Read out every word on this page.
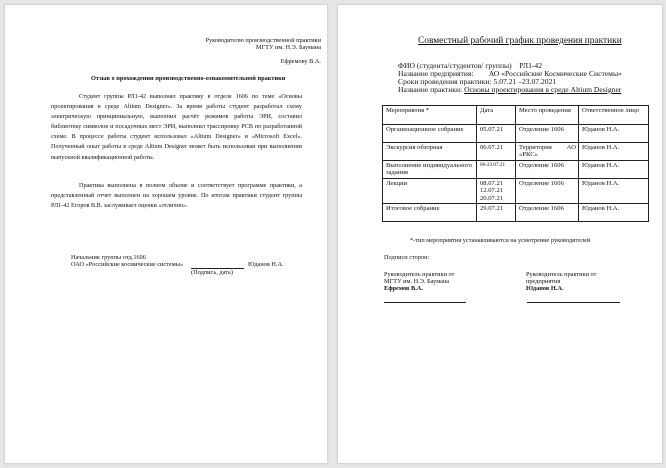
Руководителю производственной практики
МГТУ им. Н.Э. Баумана
Ефремову В.А.
Отзыв о прохождении производственно-ознакомительной практики
Студент группы РЛ1-42 выполнял практику в отделе 1606 по теме «Основы проектирования в среде Altium Designer». За время работы студент разработал схему электрическую принципиальную, выполнил расчёт режимов работы ЭРИ, составил библиотеку символов и посадочных мест ЭРИ, выполнил трассировку PCB по разработанной схеме. В процессе работы студент использовал «Altium Designer» и «Microsoft Excel». Полученный опыт работы в среде Altium Designer может быть использован при выполнении выпускной квалификационной работы.
Практика выполнена в полном объеме и соответствует программе практики, а представленный отчет выполнен на хорошем уровне. По итогам практики студент группы РЛ1-42 Егоров В.В. заслуживает оценки «отлично».
Начальник группы отд.1606
ОАО «Российские космические системы»	Юданов Н.А.
(Подпись, дата)
Совместный рабочий график проведения практики
ФИО (студента/студентов/ группы) РЛ1-42
Название предприятия: АО «Российские Космические Системы»
Сроки проведения практики: 5.07.21 –23.07.2021
Название практики: Основы проектирования в среде Altium Designer
Мероприятия *	Дата	Место проведения	Ответственное лицо
Организационное собрание	05.07.21	Отделение 1606	Юданов Н.А.
Экскурсия обзорная	06.07.21	Территория АО «РКС»	Юданов Н.А.
Выполнение индивидуального задания	06-23.07.21	Отделение 1606	Юданов Н.А.
Лекции	08.07.21 12.07.21 20.07.21	Отделение 1606	Юданов Н.А.
Итоговое собрание	29.07.21	Отделение 1606	Юданов Н.А.
*-тип мероприятия устанавливаются на усмотрение руководителей
Подписи сторон:
Руководитель практики от
МГТУ им. Н.Э. Баумана
Ефремов В.А.
Руководитель практики от
предприятия
Юданов Н.А.
